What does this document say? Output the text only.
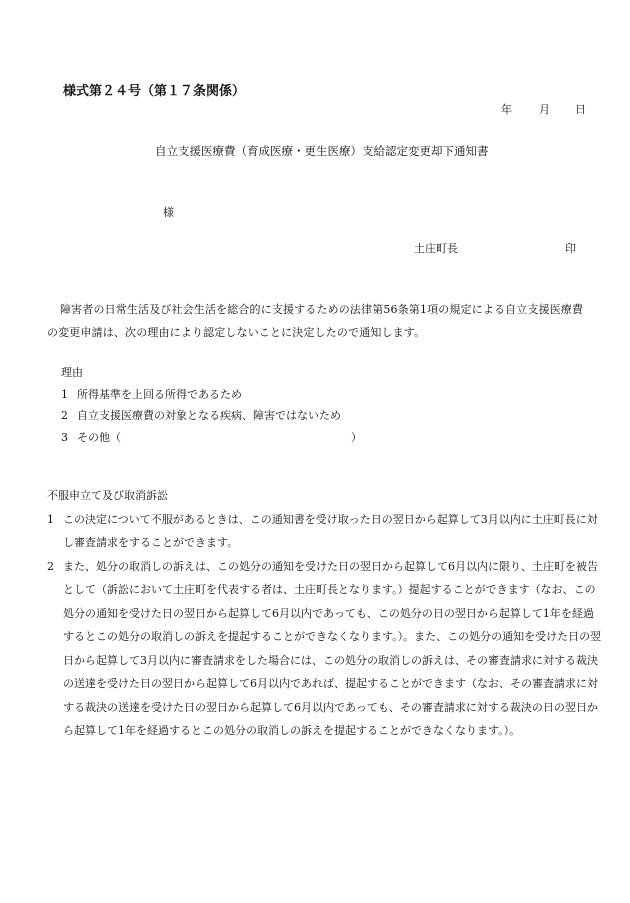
様式第２４号（第１７条関係）
年	月	日
自立支援医療費（育成医療・更生医療）支給認定変更却下通知書
様
土庄町長	印
障害者の日常生活及び社会生活を総合的に支援するための法律第56条第1項の規定による自立支援医療費の変更申請は、次の理由により認定しないことに決定したので通知します。
理由
1 所得基準を上回る所得であるため
2 自立支援医療費の対象となる疾病、障害ではないため
3 その他（	）
不服申立て及び取消訴訟
1 この決定について不服があるときは、この通知書を受け取った日の翌日から起算して3月以内に土庄町長に対し審査請求をすることができます。
2 また、処分の取消しの訴えは、この処分の通知を受けた日の翌日から起算して6月以内に限り、土庄町を被告として（訴訟において土庄町を代表する者は、土庄町長となります。）提起することができます（なお、この処分の通知を受けた日の翌日から起算して6月以内であっても、この処分の日の翌日から起算して1年を経過するとこの処分の取消しの訴えを提起することができなくなります。）。また、この処分の通知を受けた日の翌日から起算して3月以内に審査請求をした場合には、この処分の取消しの訴えは、その審査請求に対する裁決の送達を受けた日の翌日から起算して6月以内であれば、提起することができます（なお、その審査請求に対する裁決の送達を受けた日の翌日から起算して6月以内であっても、その審査請求に対する裁決の日の翌日から起算して1年を経過するとこの処分の取消しの訴えを提起することができなくなります。）。
